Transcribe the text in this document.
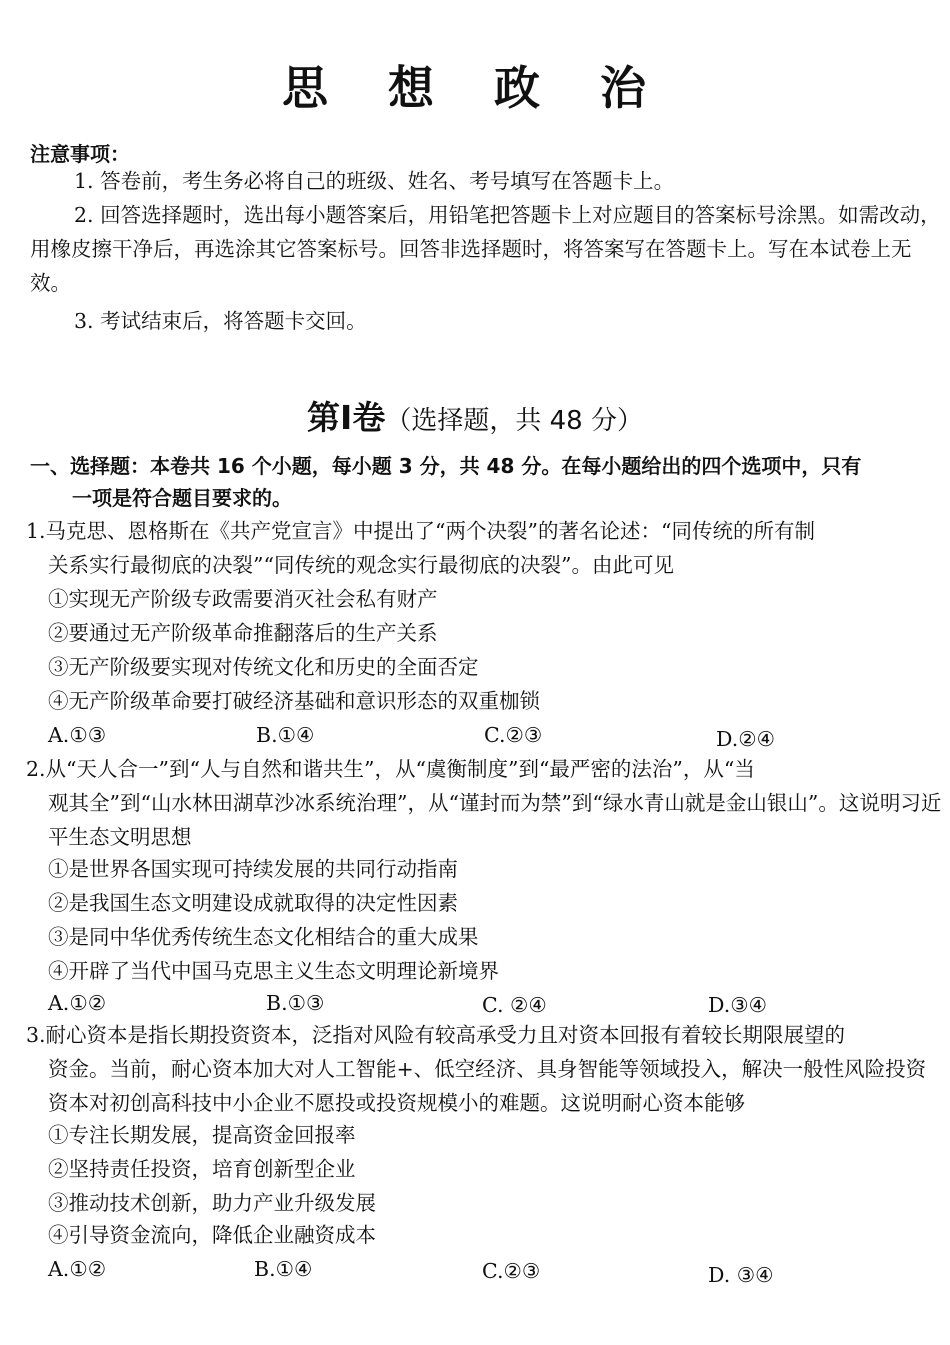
思 想 政 治
注意事项：
1. 答卷前，考生务必将自己的班级、姓名、考号填写在答题卡上。
2. 回答选择题时，选出每小题答案后，用铅笔把答题卡上对应题目的答案标号涂黑。如需改动，用橡皮擦干净后，再选涂其它答案标号。回答非选择题时，将答案写在答题卡上。写在本试卷上无效。
3. 考试结束后，将答题卡交回。
第Ⅰ卷（选择题，共 48 分）
一、选择题：本卷共 16 个小题，每小题 3 分，共 48 分。在每小题给出的四个选项中，只有
一项是符合题目要求的。
1.马克思、恩格斯在《共产党宣言》中提出了“两个决裂”的著名论述：“同传统的所有制
关系实行最彻底的决裂”“同传统的观念实行最彻底的决裂”。由此可见
①实现无产阶级专政需要消灭社会私有财产
②要通过无产阶级革命推翻落后的生产关系
③无产阶级要实现对传统文化和历史的全面否定
④无产阶级革命要打破经济基础和意识形态的双重枷锁
A.①③	B.①④	C.②③	D.②④
2.从“天人合一”到“人与自然和谐共生”，从“虞衡制度”到“最严密的法治”，从“当
观其全”到“山水林田湖草沙冰系统治理”，从“谨封而为禁”到“绿水青山就是金山银山”。这说明习近平生态文明思想
①是世界各国实现可持续发展的共同行动指南
②是我国生态文明建设成就取得的决定性因素
③是同中华优秀传统生态文化相结合的重大成果
④开辟了当代中国马克思主义生态文明理论新境界
A.①②	B.①③	C. ②④	D.③④
3.耐心资本是指长期投资资本，泛指对风险有较高承受力且对资本回报有着较长期限展望的
资金。当前，耐心资本加大对人工智能+、低空经济、具身智能等领域投入，解决一般性风险投资资本对初创高科技中小企业不愿投或投资规模小的难题。这说明耐心资本能够
①专注长期发展，提高资金回报率
②坚持责任投资，培育创新型企业
③推动技术创新，助力产业升级发展
④引导资金流向，降低企业融资成本
A.①②	B.①④	C.②③	D. ③④
